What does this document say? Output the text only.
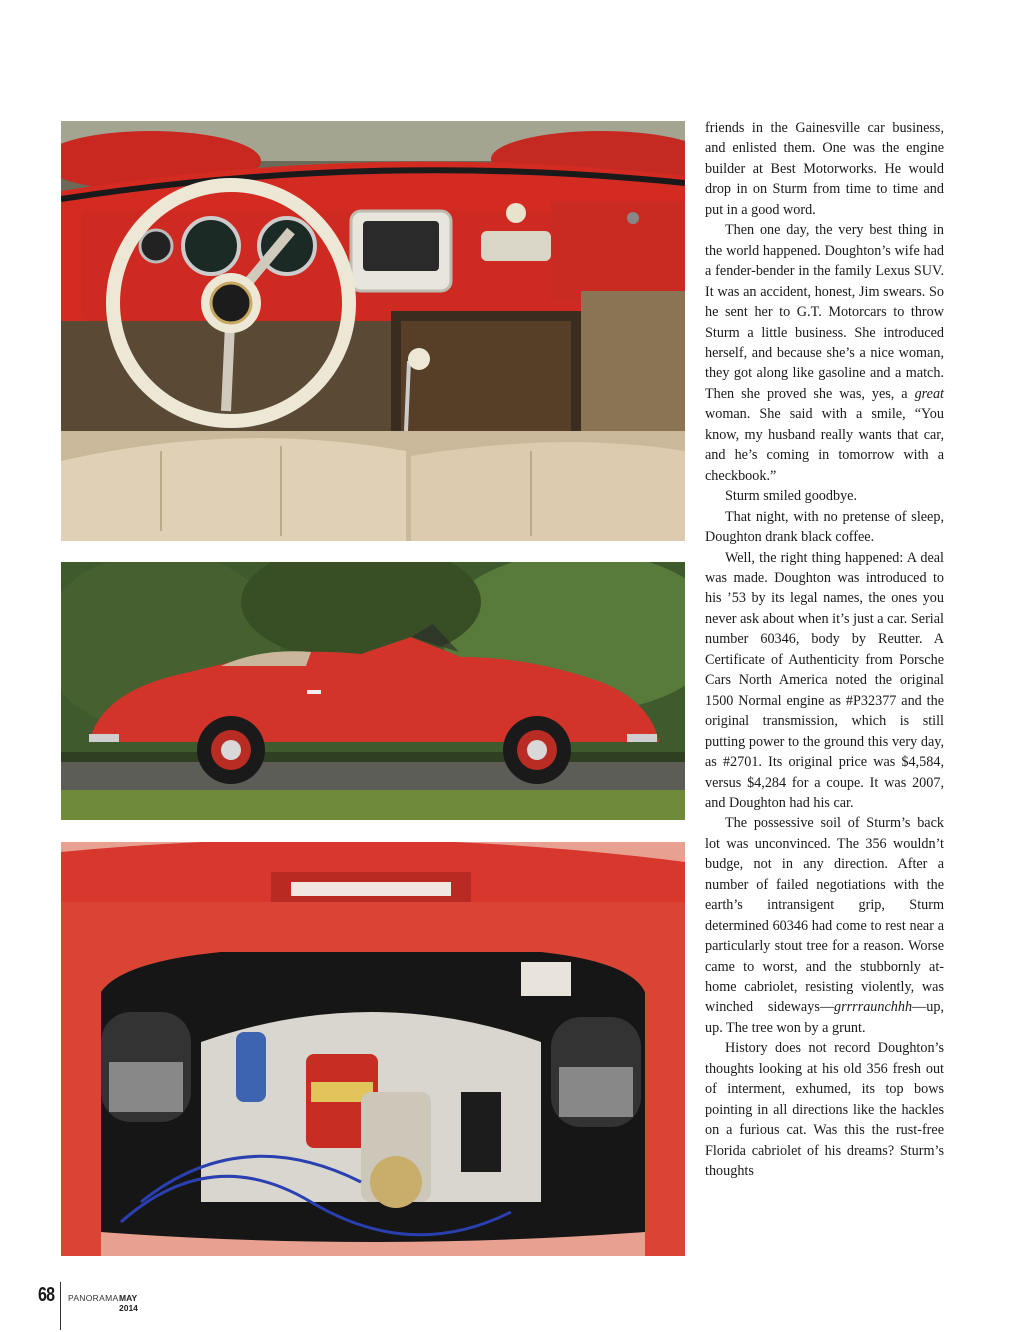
friends in the Gainesville car business, and enlisted them. One was the engine builder at Best Motorworks. He would drop in on Sturm from time to time and put in a good word.

Then one day, the very best thing in the world happened. Doughton’s wife had a fender-bender in the family Lexus SUV. It was an accident, honest, Jim swears. So he sent her to G.T. Motorcars to throw Sturm a little business. She introduced herself, and because she’s a nice woman, they got along like gasoline and a match. Then she proved she was, yes, a great woman. She said with a smile, “You know, my husband really wants that car, and he’s coming in tomorrow with a checkbook.”

Sturm smiled goodbye.

That night, with no pretense of sleep, Doughton drank black coffee.

Well, the right thing happened: A deal was made. Doughton was introduced to his ’53 by its legal names, the ones you never ask about when it’s just a car. Serial number 60346, body by Reutter. A Certificate of Authenticity from Porsche Cars North America noted the original 1500 Normal engine as #P32377 and the original transmission, which is still putting power to the ground this very day, as #2701. Its original price was $4,584, versus $4,284 for a coupe. It was 2007, and Doughton had his car.

The possessive soil of Sturm’s back lot was unconvinced. The 356 wouldn’t budge, not in any direction. After a number of failed negotiations with the earth’s intransigent grip, Sturm determined 60346 had come to rest near a particularly stout tree for a reason. Worse came to worst, and the stubbornly at-home cabriolet, resisting violently, was winched sideways—grrrraunchhh—up, up. The tree won by a grunt.

History does not record Doughton’s thoughts looking at his old 356 fresh out of interment, exhumed, its top bows pointing in all directions like the hackles on a furious cat. Was this the rust-free Florida cabriolet of his dreams? Sturm’s thoughts

68 PANORAMA MAY 2014
